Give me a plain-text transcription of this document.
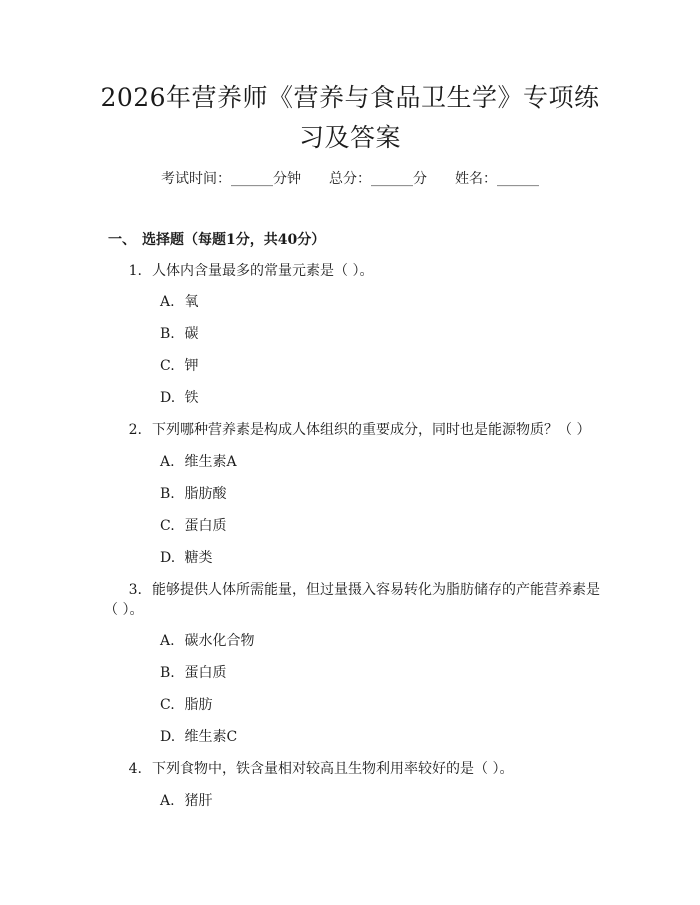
2026年营养师《营养与食品卫生学》专项练
习及答案
考试时间：______分钟 总分：______分 姓名：______
一、 选择题（每题1分，共40分）
1. 人体内含量最多的常量元素是（ ）。
A. 氧
B. 碳
C. 钾
D. 铁
2. 下列哪种营养素是构成人体组织的重要成分，同时也是能源物质？（ ）
A. 维生素A
B. 脂肪酸
C. 蛋白质
D. 糖类
3. 能够提供人体所需能量，但过量摄入容易转化为脂肪储存的产能营养素是
（ ）。
A. 碳水化合物
B. 蛋白质
C. 脂肪
D. 维生素C
4. 下列食物中，铁含量相对较高且生物利用率较好的是（ ）。
A. 猪肝
